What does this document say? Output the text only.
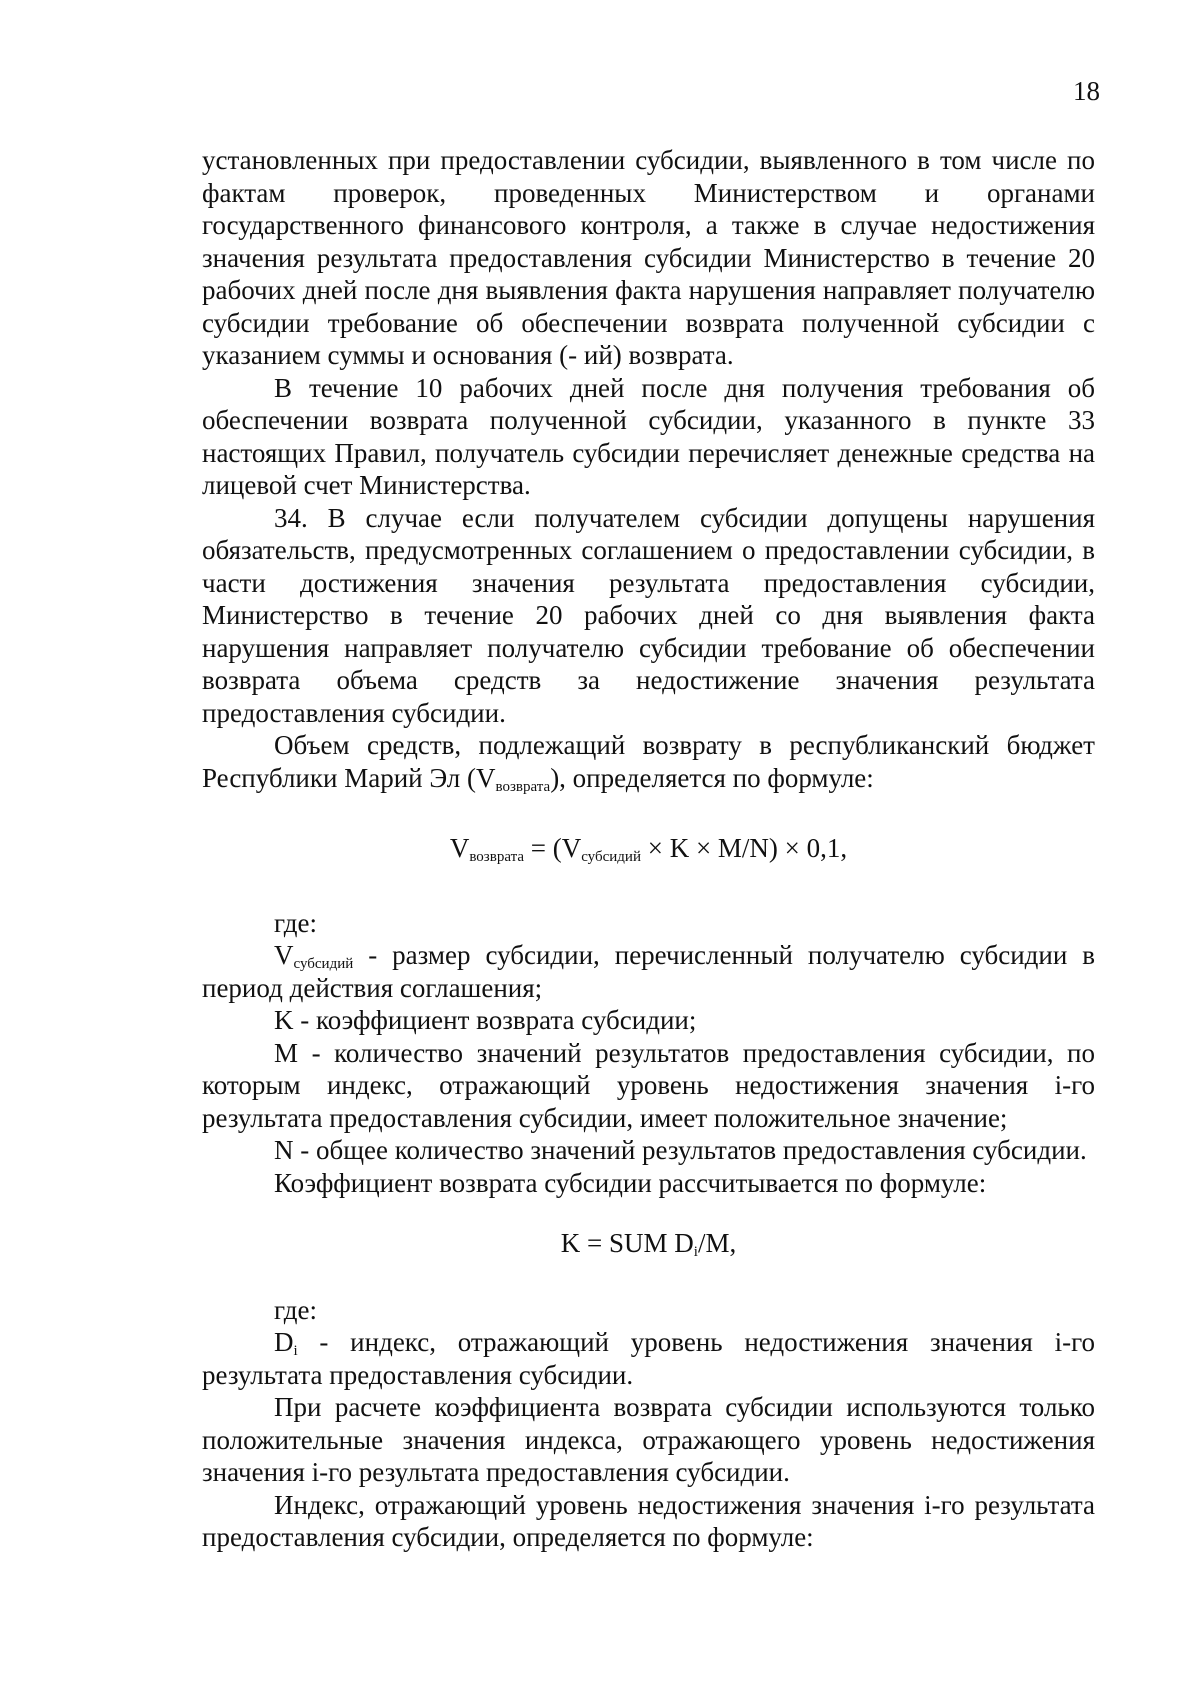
18

установленных при предоставлении субсидии, выявленного в том числе по фактам проверок, проведенных Министерством и органами государственного финансового контроля, а также в случае недостижения значения результата предоставления субсидии Министерство в течение 20 рабочих дней после дня выявления факта нарушения направляет получателю субсидии требование об обеспечении возврата полученной субсидии с указанием суммы и основания (- ий) возврата.

В течение 10 рабочих дней после дня получения требования об обеспечении возврата полученной субсидии, указанного в пункте 33 настоящих Правил, получатель субсидии перечисляет денежные средства на лицевой счет Министерства.

34. В случае если получателем субсидии допущены нарушения обязательств, предусмотренных соглашением о предоставлении субсидии, в части достижения значения результата предоставления субсидии, Министерство в течение 20 рабочих дней со дня выявления факта нарушения направляет получателю субсидии требование об обеспечении возврата объема средств за недостижение значения результата предоставления субсидии.

Объем средств, подлежащий возврату в республиканский бюджет Республики Марий Эл $(V_{возврата})$, определяется по формуле:

$V_{возврата} = (V_{субсидий} \times K \times M/N) \times 0,1$,

где:

$V_{субсидий}$ - размер субсидии, перечисленный получателю субсидии в период действия соглашения;

K - коэффициент возврата субсидии;

M - количество значений результатов предоставления субсидии, по которым индекс, отражающий уровень недостижения значения i-го результата предоставления субсидии, имеет положительное значение;

N - общее количество значений результатов предоставления субсидии.

Коэффициент возврата субсидии рассчитывается по формуле:

K = SUM $D_i/M$,

где:

$D_i$ - индекс, отражающий уровень недостижения значения i-го результата предоставления субсидии.

При расчете коэффициента возврата субсидии используются только положительные значения индекса, отражающего уровень недостижения значения i-го результата предоставления субсидии.

Индекс, отражающий уровень недостижения значения i-го результата предоставления субсидии, определяется по формуле:
